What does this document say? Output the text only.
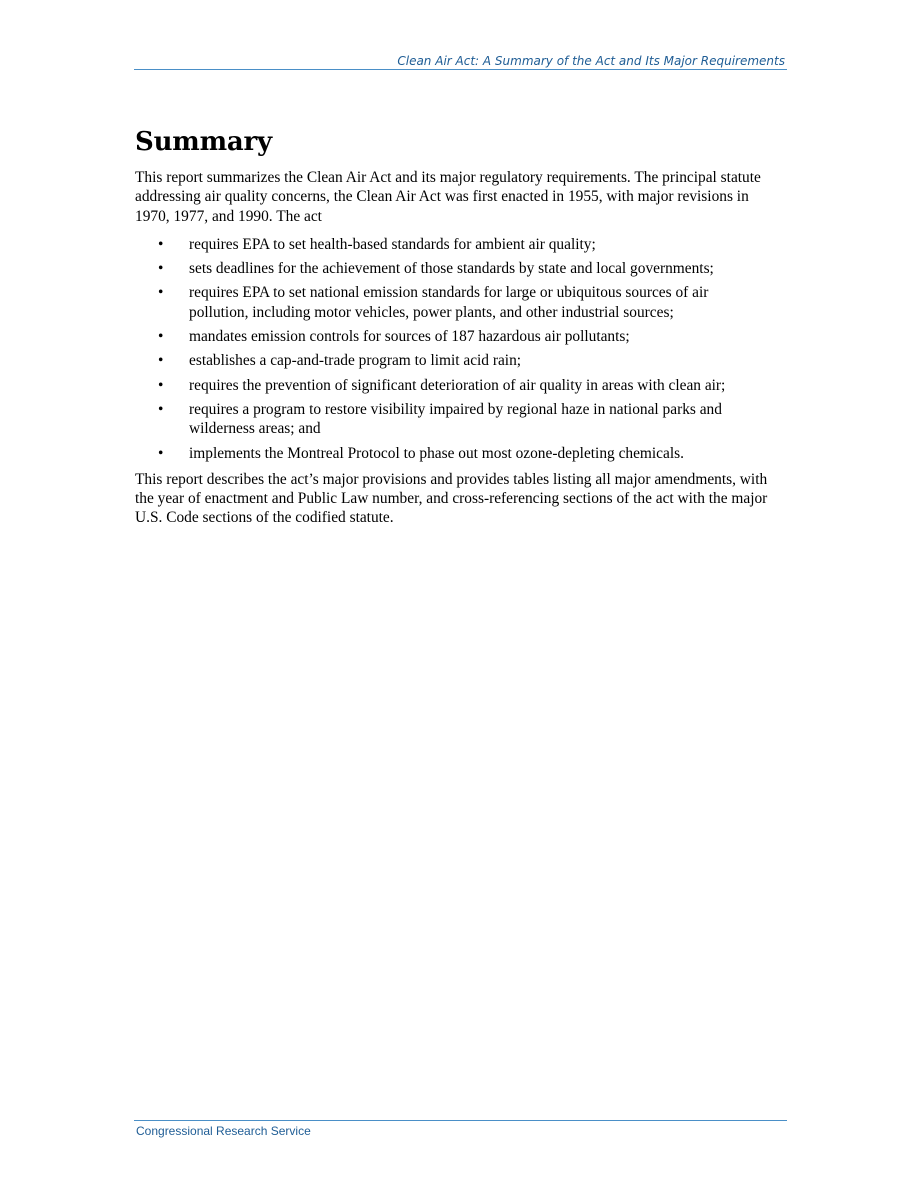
Clean Air Act: A Summary of the Act and Its Major Requirements
Summary

This report summarizes the Clean Air Act and its major regulatory requirements. The principal statute addressing air quality concerns, the Clean Air Act was first enacted in 1955, with major revisions in 1970, 1977, and 1990. The act

• requires EPA to set health-based standards for ambient air quality;
• sets deadlines for the achievement of those standards by state and local governments;
• requires EPA to set national emission standards for large or ubiquitous sources of air pollution, including motor vehicles, power plants, and other industrial sources;
• mandates emission controls for sources of 187 hazardous air pollutants;
• establishes a cap-and-trade program to limit acid rain;
• requires the prevention of significant deterioration of air quality in areas with clean air;
• requires a program to restore visibility impaired by regional haze in national parks and wilderness areas; and
• implements the Montreal Protocol to phase out most ozone-depleting chemicals.

This report describes the act’s major provisions and provides tables listing all major amendments, with the year of enactment and Public Law number, and cross-referencing sections of the act with the major U.S. Code sections of the codified statute.

Congressional Research Service
